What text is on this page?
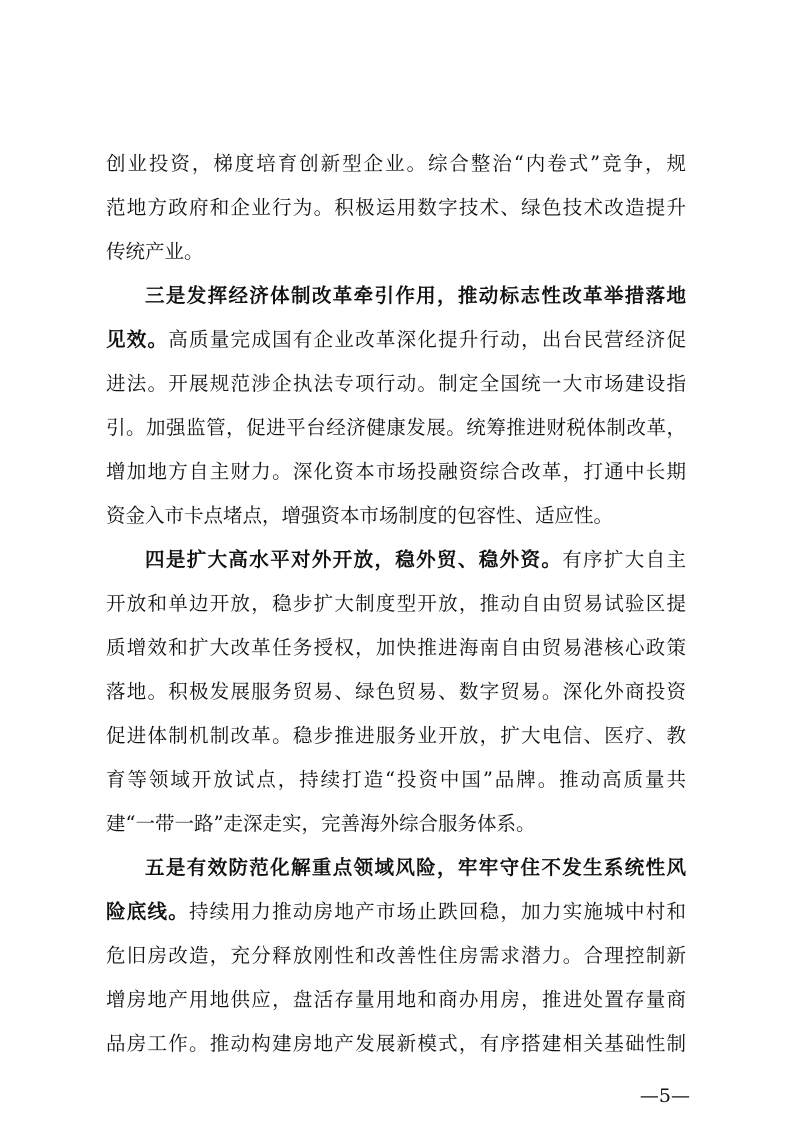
创业投资，梯度培育创新型企业。综合整治“内卷式”竞争，规
范地方政府和企业行为。积极运用数字技术、绿色技术改造提升
传统产业。
三是发挥经济体制改革牵引作用，推动标志性改革举措落地
见效。高质量完成国有企业改革深化提升行动，出台民营经济促
进法。开展规范涉企执法专项行动。制定全国统一大市场建设指
引。加强监管，促进平台经济健康发展。统筹推进财税体制改革，
增加地方自主财力。深化资本市场投融资综合改革，打通中长期
资金入市卡点堵点，增强资本市场制度的包容性、适应性。
四是扩大高水平对外开放，稳外贸、稳外资。有序扩大自主
开放和单边开放，稳步扩大制度型开放，推动自由贸易试验区提
质增效和扩大改革任务授权，加快推进海南自由贸易港核心政策
落地。积极发展服务贸易、绿色贸易、数字贸易。深化外商投资
促进体制机制改革。稳步推进服务业开放，扩大电信、医疗、教
育等领域开放试点，持续打造“投资中国”品牌。推动高质量共
建“一带一路”走深走实，完善海外综合服务体系。
五是有效防范化解重点领域风险，牢牢守住不发生系统性风
险底线。持续用力推动房地产市场止跌回稳，加力实施城中村和
危旧房改造，充分释放刚性和改善性住房需求潜力。合理控制新
增房地产用地供应，盘活存量用地和商办用房，推进处置存量商
品房工作。推动构建房地产发展新模式，有序搭建相关基础性制
—5—
